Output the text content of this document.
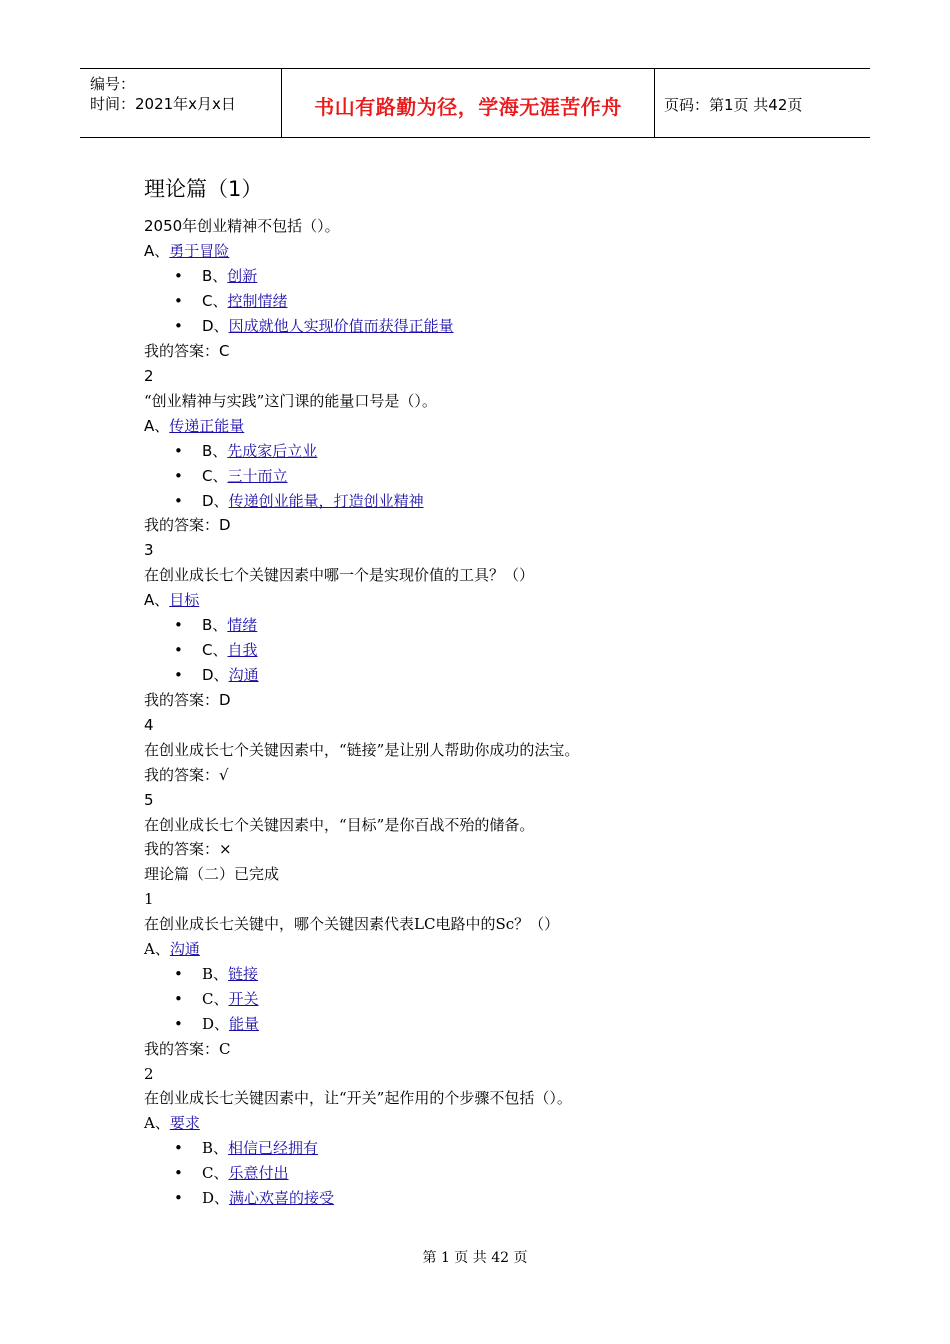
编号：
时间：2021年x月x日	书山有路勤为径，学海无涯苦作舟	页码：第1页 共42页
理论篇（1）
2050年创业精神不包括（）。
A、勇于冒险
• B、创新
• C、控制情绪
• D、因成就他人实现价值而获得正能量
我的答案：C
2
“创业精神与实践”这门课的能量口号是（）。
A、传递正能量
• B、先成家后立业
• C、三十而立
• D、传递创业能量，打造创业精神
我的答案：D
3
在创业成长七个关键因素中哪一个是实现价值的工具？（）
A、目标
• B、情绪
• C、自我
• D、沟通
我的答案：D
4
在创业成长七个关键因素中，“链接”是让别人帮助你成功的法宝。
我的答案：√
5
在创业成长七个关键因素中，“目标”是你百战不殆的储备。
我的答案：×
理论篇（二）已完成
1
在创业成长七关键中，哪个关键因素代表LC电路中的Sc？（）
A、沟通
• B、链接
• C、开关
• D、能量
我的答案：C
2
在创业成长七关键因素中，让“开关”起作用的个步骤不包括（）。
A、要求
• B、相信已经拥有
• C、乐意付出
• D、满心欢喜的接受
第 1 页 共 42 页
